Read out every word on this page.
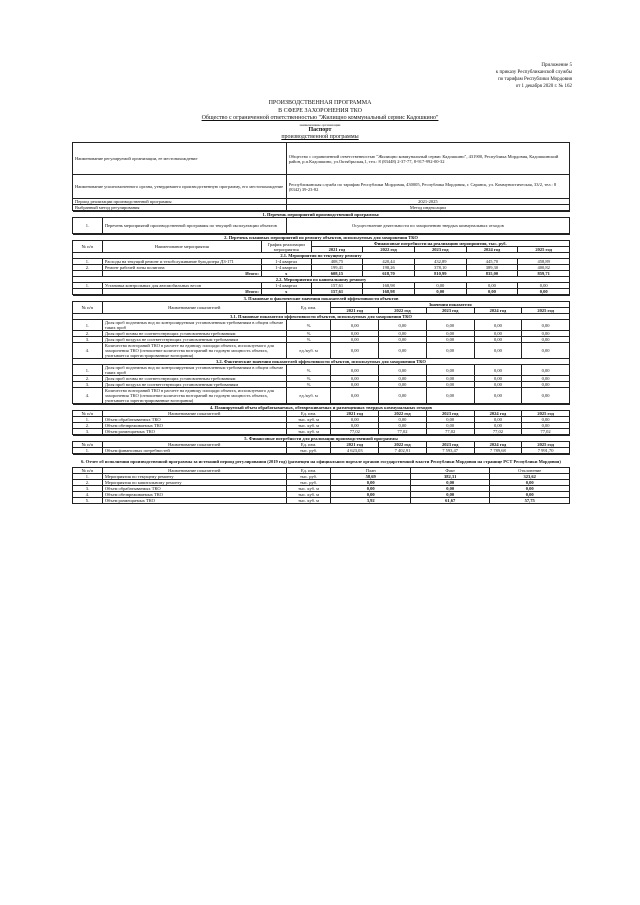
Приложение 5
к приказу Республиканской службы
по тарифам Республики Мордовия
от 1 декабря 2020 г. № 162
ПРОИЗВОДСТВЕННАЯ ПРОГРАММА
В СФЕРЕ ЗАХОРОНЕНИЯ ТКО
Общество с ограниченной ответственностью "Жилищно коммунальный сервис Кадошкино"
наименование организации
Паспорт
производственной программы
Наименование регулируемой организации, ее местонахождение	Общество с ограниченной ответственностью "Жилищно коммунальный сервис Кадошкино", 431900, Республика Мордовия, Кадошкинский район, р.п.Кадошкино, ул.Октябрьская,1, тел.: 8 (83448) 2-37-77, 8-917-992-00-32
Наименование уполномоченного органа, утвердившего производственную программу, его местонахождение	Республиканская служба по тарифам Республики Мордовия, 430005, Республика Мордовия, г. Саранск, ул. Коммунистическая, 33/2, тел.: 8 (8342) 39-23-82
Период реализации производственной программы	2021-2025
Выбранный метод регулирования	Метод индексации
1. Перечень мероприятий производственной программы:
1.	Перечень мероприятий производственной программы по текущей эксплуатации объектов	Осуществление деятельности по захоронению твердых коммунальных отходов
2. Перечень плановых мероприятий по ремонту объектов, используемых для захоронения ТКО							
№ п/п	Наименование мероприятия	График реализации мероприятия	Финансовые потребности на реализацию мероприятия, тыс. руб.				
			2021 год	2022 год	2023 год	2024 год	2025 год
2.1. Мероприятия по текущему ремонту							
1.	Расходы на текущий ремонт и техобслуживание бульдозера ДЗ-171	1-4 квартал	408,75	420,44	432,89	445,70	458,89
2.	Ремонт рабочей зоны полигона	1-4 квартал	199,41	198,26	378,10	389,30	400,82
	Итого:	х	608,15	618,70	810,99	835,00	859,71
2.2. Мероприятия по капитальному ремонту							
1.	Установка контрольных для автомобильных весов	1-4 квартал	157,61	168,98	0,00	0,00	0,00
	Итого:	х	157,61	168,98	0,00	0,00	0,00
3. Плановые и фактические значения показателей эффективности объектов							
№ п/п	Наименование показателей	Ед. изм.	Значения показателя				
			2021 год	2022 год	2023 год	2024 год	2025 год
3.1. Плановые показатели эффективности объектов, используемых для захоронения ТКО							
1.	Доля проб подземных вод по контролируемым установленным требованиям в общем объеме таких проб	%	0,00	0,00	0,00	0,00	0,00
2.	Доля проб почвы не соответствующих установленным требованиям	%	0,00	0,00	0,00	0,00	0,00
3.	Доля проб воздуха не соответствующих установленным требованиям	%	0,00	0,00	0,00	0,00	0,00
4.	Количество возгораний ТКО в расчете на единицу площади объекта, используемого для захоронения ТКО (отношение количества возгораний на годовую мощность объекта, учитывается зарегистрированные возгорания)	ед./куб. м	0,00	0,00	0,00	0,00	0,00
3.2. Фактические значения показателей эффективности объектов, используемых для захоронения ТКО							
1.	Доля проб подземных вод по контролируемым установленным требованиям в общем объеме таких проб	%	0,00	0,00	0,00	0,00	0,00
2.	Доля проб почвы не соответствующих установленным требованиям	%	0,00	0,00	0,00	0,00	0,00
3.	Доля проб воздуха не соответствующих установленным требованиям	%	0,00	0,00	0,00	0,00	0,00
4.	Количество возгораний ТКО в расчете на единицу площади объекта, используемого для захоронения ТКО (отношение количества возгораний на годовую мощность объекта, учитывается зарегистрированные возгорания)	ед./куб. м	0,00	0,00	0,00	0,00	0,00
4. Планируемый объем обрабатываемых, обезвреживаемых и размещенных твердых коммунальных отходов							
№ п/п	Наименование показателей	Ед. изм.	2021 год	2022 год	2023 год	2024 год	2025 год
1.	Объем обрабатываемых ТКО	тыс. куб. м	0,00	0,00	0,00	0,00	0,00
2.	Объем обезвреживаемых ТКО	тыс. куб. м	0,00	0,00	0,00	0,00	0,00
3.	Объем размещаемых ТКО	тыс. куб. м	77,02	77,02	77,02	77,02	77,02
5. Финансовые потребности для реализации производственной программы							
№ п/п	Наименование показателей	Ед. изм.	2021 год	2022 год	2023 год	2024 год	2025 год
1.	Объем финансовых потребностей	тыс. руб.	4 623,03	7 402,91	7 593,47	7 789,68	7 991,70
6. Отчет об исполнении производственной программы за истекший период регулирования (2019 год) (размещен на официальном портале органов государственной власти Республики Мордовия на странице РСТ Республики Мордовия)					
№ п/п	Наименование показателей	Ед. изм.	План	Факт	Отклонение
1.	Мероприятия по текущему ремонту	тыс. руб.	58,69	382,31	323,62
2.	Мероприятия по капитальному ремонту	тыс. руб.	0,00	0,00	0,00
3.	Объем обрабатываемых ТКО	тыс. куб. м	0,00	0,00	0,00
4.	Объем обезвреживаемых ТКО	тыс. куб. м	0,00	0,00	0,00
5.	Объем размещаемых ТКО	тыс. куб. м	3,92	61,67	57,75
